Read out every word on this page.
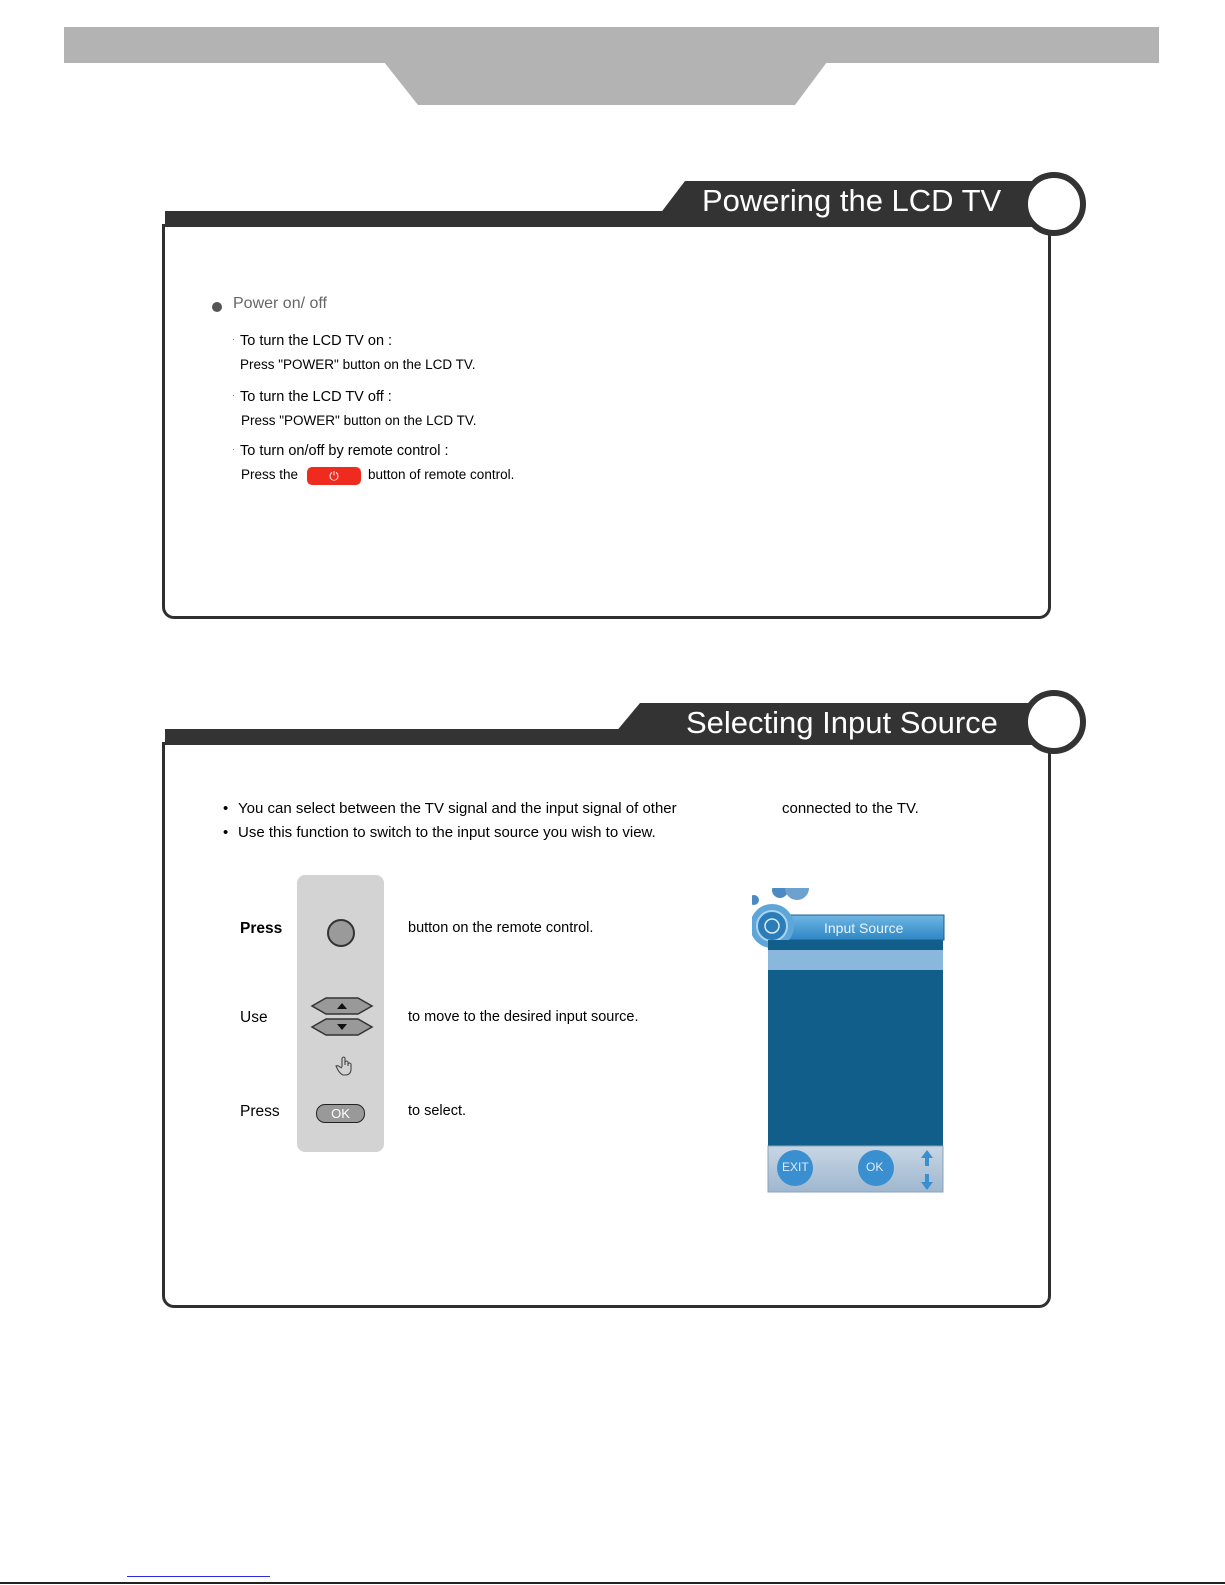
Powering the LCD TV
Power on/ off
· To turn the LCD TV on :
Press "POWER" button on the LCD TV.
· To turn the LCD TV off :
Press "POWER" button on the LCD TV.
· To turn on/off by remote control :
Press the	⏻	button of remote control.
Selecting Input Source
• You can select between the TV signal and the input signal of other	connected to the TV.
• Use this function to switch to the input source you wish to view.
Press	button on the remote control.
Use	to move to the desired input source.
Press	OK	to select.
Input Source
EXIT	OK
